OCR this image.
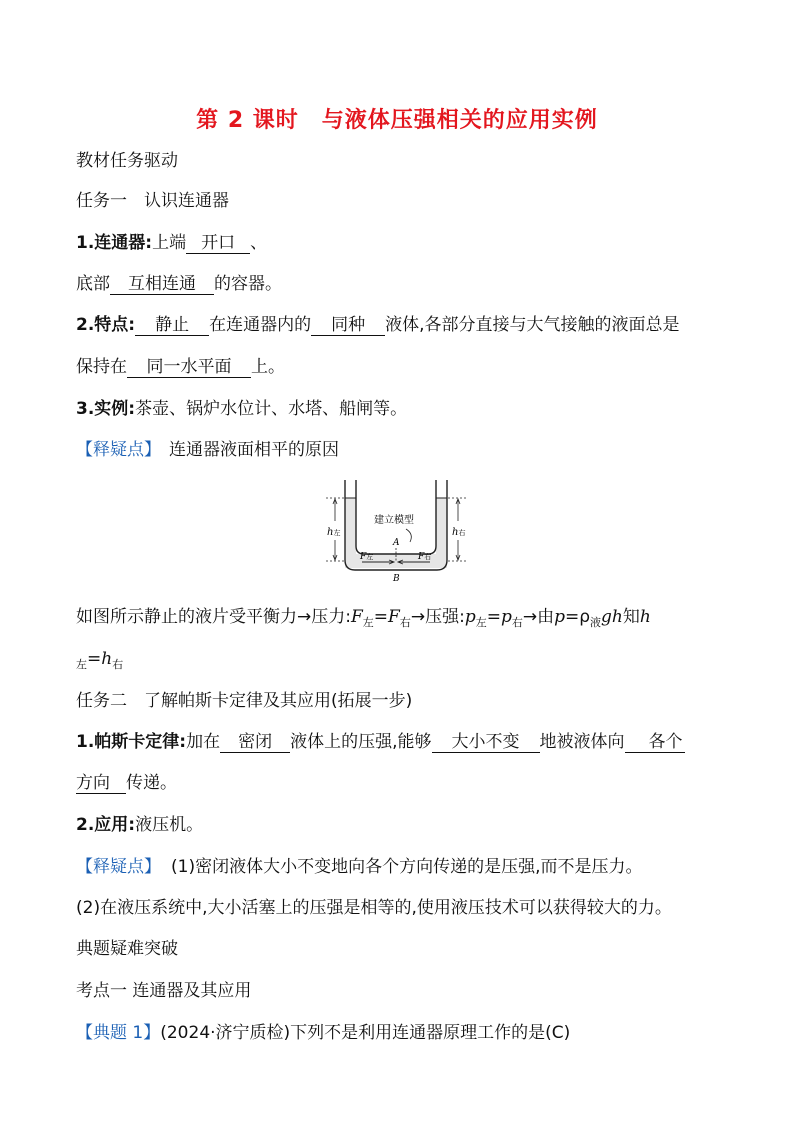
第 2 课时　与液体压强相关的应用实例
教材任务驱动
任务一　认识连通器
1.连通器:上端 开口 、
底部 互相连通 的容器。
2.特点: 静止 在连通器内的 同种 液体,各部分直接与大气接触的液面总是
保持在 同一水平面 上。
3.实例:茶壶、锅炉水位计、水塔、船闸等。
【释疑点】 连通器液面相平的原因
h左	h右
建立模型
A
F左	F右
B
如图所示静止的液片受平衡力→压力$:F_左=F_右\to$压强$:p_左=p_右\to$由$p=\rho_液gh$知h
$_左=h_右$
任务二　了解帕斯卡定律及其应用(拓展一步)
1.帕斯卡定律:加在 密闭 液体上的压强,能够 大小不变 地被液体向 各个
方向 传递。
2.应用:液压机。
【释疑点】 (1)密闭液体大小不变地向各个方向传递的是压强,而不是压力。
(2)在液压系统中,大小活塞上的压强是相等的,使用液压技术可以获得较大的力。
典题疑难突破
考点一 连通器及其应用
【典题 1】(2024·济宁质检)下列不是利用连通器原理工作的是(C)
